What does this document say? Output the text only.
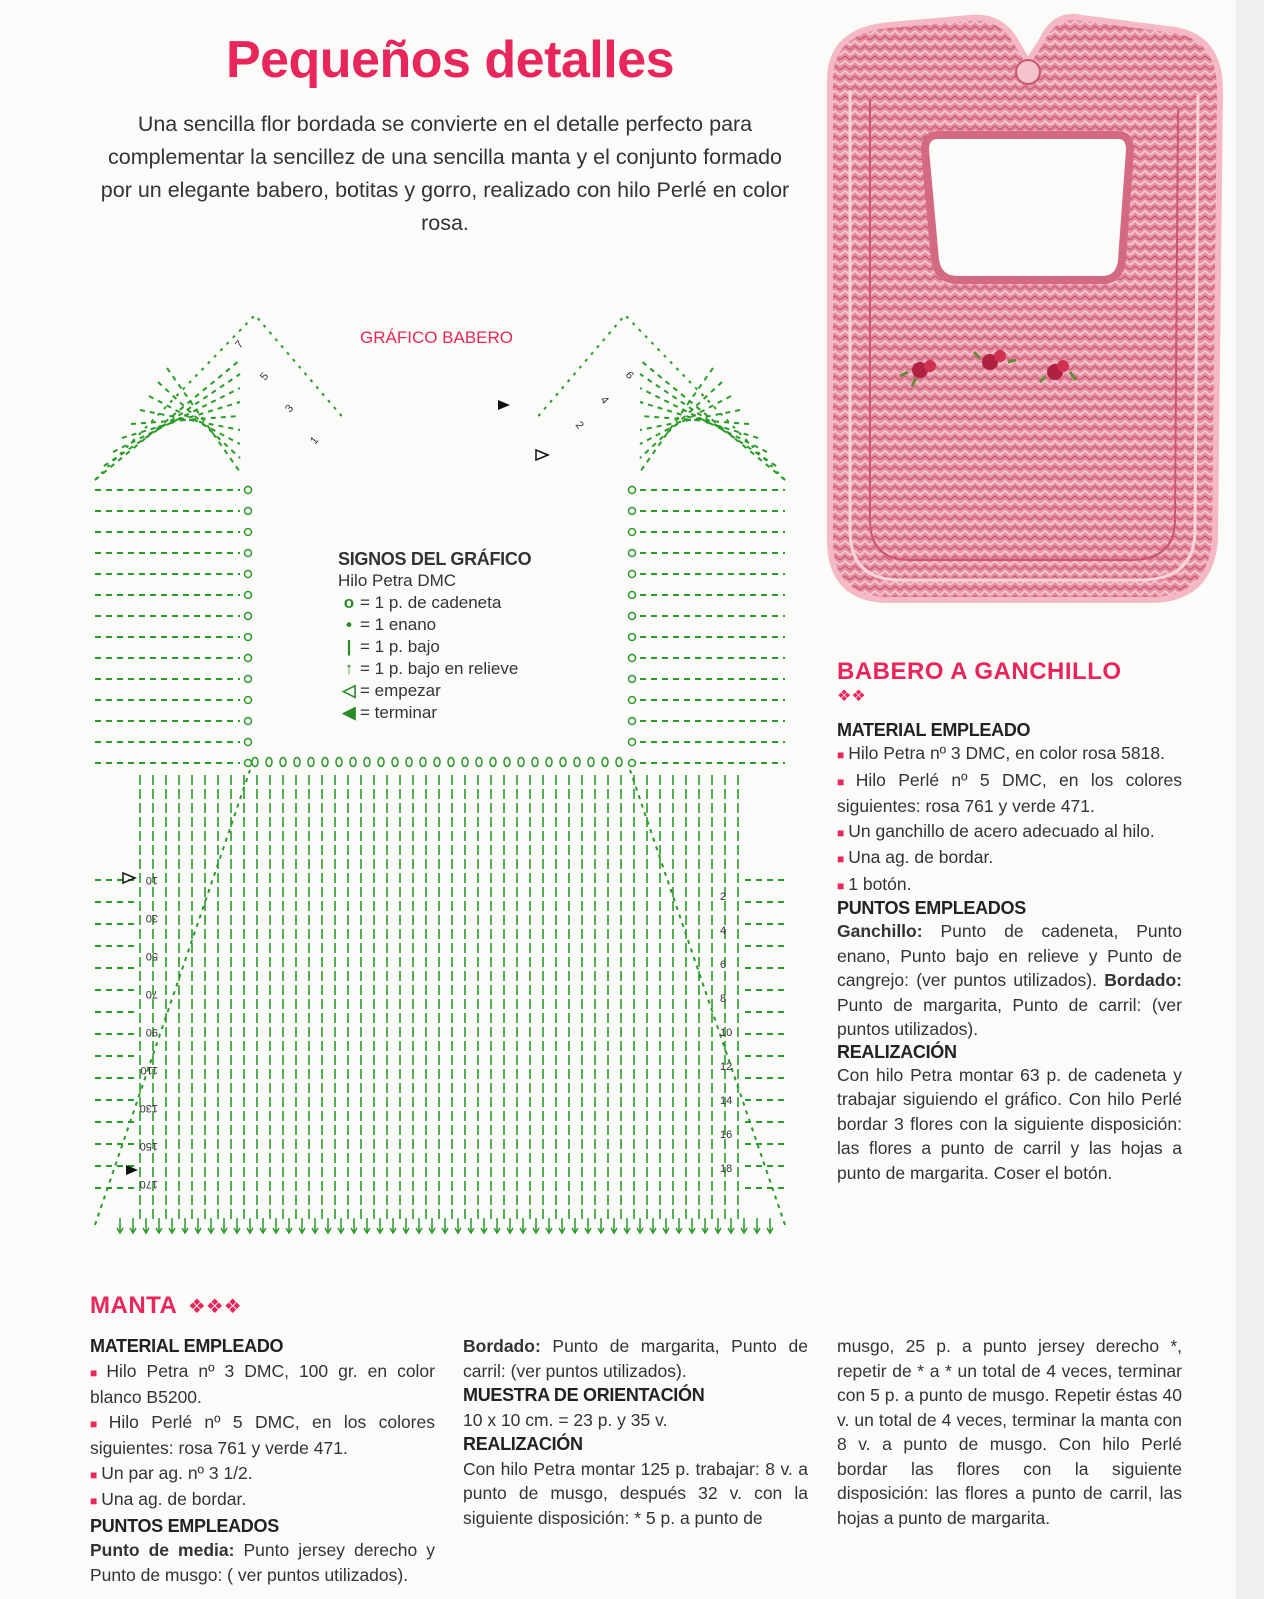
Pequeños detalles

Una sencilla flor bordada se convierte en el detalle perfecto para complementar la sencillez de una sencilla manta y el conjunto formado por un elegante babero, botitas y gorro, realizado con hilo Perlé en color rosa.

GRÁFICO BABERO
10
30
50
70
90
110
130
150
170
2
4
6
8
10
12
14
16
18
1
3
5
7
2
4
6
SIGNOS DEL GRÁFICO
Hilo Petra DMC
o = 1 p. de cadeneta
• = 1 enano
| = 1 p. bajo
↑ = 1 p. bajo en relieve
◁ = empezar
◀ = terminar
BABERO A GANCHILLO
❖❖
MATERIAL EMPLEADO

■ Hilo Petra nº 3 DMC, en color rosa 5818.

■ Hilo Perlé nº 5 DMC, en los colores siguientes: rosa 761 y verde 471.

■ Un ganchillo de acero adecuado al hilo.

■ Una ag. de bordar.

■ 1 botón.

PUNTOS EMPLEADOS

Ganchillo: Punto de cadeneta, Punto enano, Punto bajo en relieve y Punto de cangrejo: (ver puntos utilizados). Bordado: Punto de margarita, Punto de carril: (ver puntos utilizados).

REALIZACIÓN

Con hilo Petra montar 63 p. de cadeneta y trabajar siguiendo el gráfico. Con hilo Perlé bordar 3 flores con la siguiente disposición: las flores a punto de carril y las hojas a punto de margarita. Coser el botón.

MANTA ❖❖❖
MATERIAL EMPLEADO

■ Hilo Petra nº 3 DMC, 100 gr. en color blanco B5200.

■ Hilo Perlé nº 5 DMC, en los colores siguientes: rosa 761 y verde 471.

■ Un par ag. nº 3 1/2.

■ Una ag. de bordar.

PUNTOS EMPLEADOS

Punto de media: Punto jersey derecho y Punto de musgo: ( ver puntos utilizados).

Bordado: Punto de margarita, Punto de carril: (ver puntos utilizados).

MUESTRA DE ORIENTACIÓN

10 x 10 cm. = 23 p. y 35 v.

REALIZACIÓN

Con hilo Petra montar 125 p. trabajar: 8 v. a punto de musgo, después 32 v. con la siguiente disposición: * 5 p. a punto de

musgo, 25 p. a punto jersey derecho *, repetir de * a * un total de 4 veces, terminar con 5 p. a punto de musgo. Repetir éstas 40 v. un total de 4 veces, terminar la manta con 8 v. a punto de musgo. Con hilo Perlé bordar las flores con la siguiente disposición: las flores a punto de carril, las hojas a punto de margarita.
